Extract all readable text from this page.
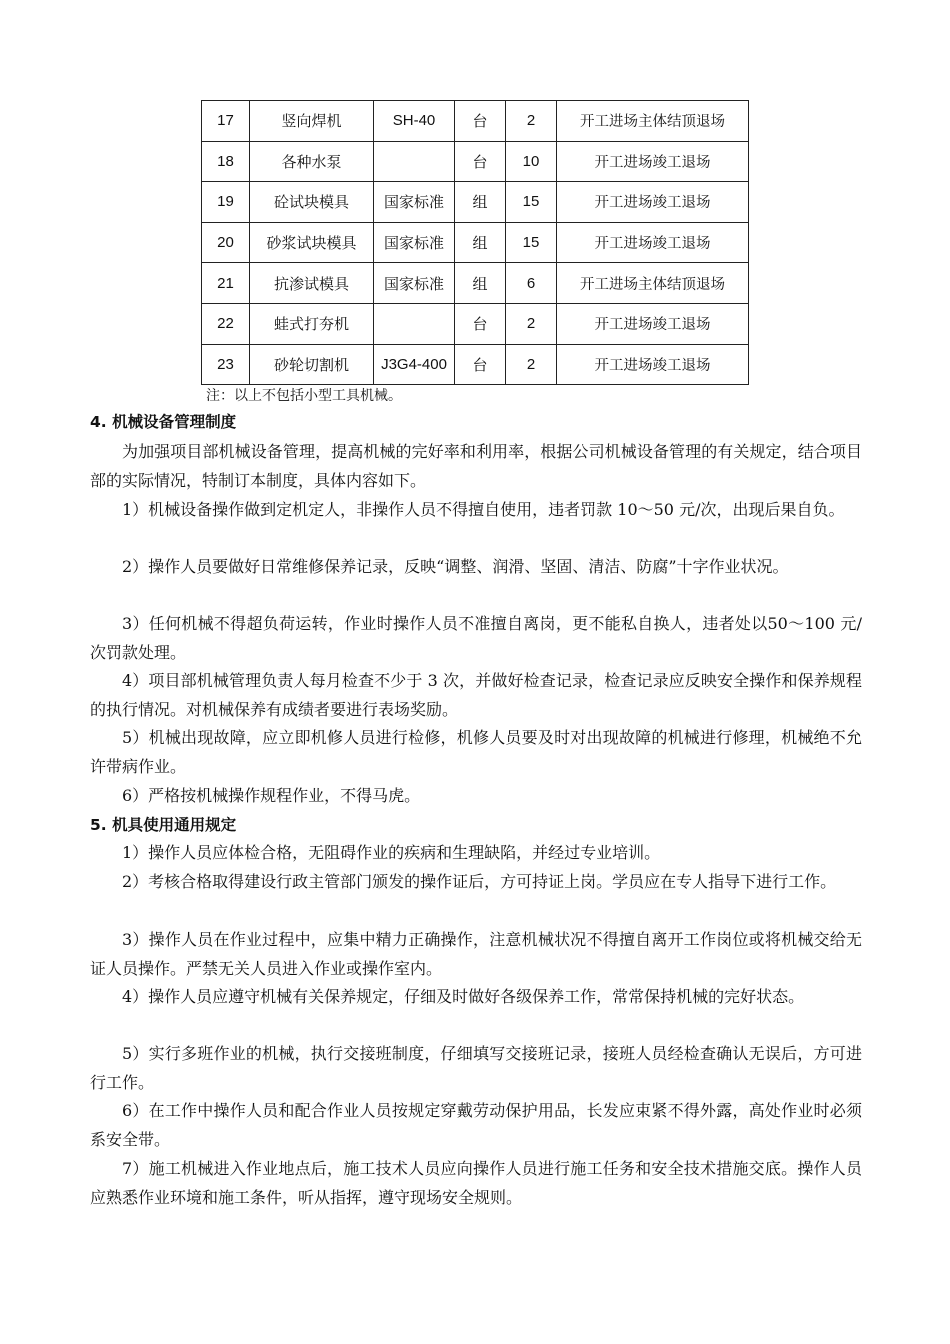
17	竖向焊机	SH-40	台	2	开工进场主体结顶退场
18	各种水泵		台	10	开工进场竣工退场
19	砼试块模具	国家标准	组	15	开工进场竣工退场
20	砂浆试块模具	国家标准	组	15	开工进场竣工退场
21	抗渗试模具	国家标准	组	6	开工进场主体结顶退场
22	蛙式打夯机		台	2	开工进场竣工退场
23	砂轮切割机	J3G4-400	台	2	开工进场竣工退场
注：以上不包括小型工具机械。
4. 机械设备管理制度

为加强项目部机械设备管理，提高机械的完好率和利用率，根据公司机械设备管理的有关规定，结合项目部的实际情况，特制订本制度，具体内容如下。

1）机械设备操作做到定机定人，非操作人员不得擅自使用，违者罚款 10～50 元/次，出现后果自负。

2）操作人员要做好日常维修保养记录，反映“调整、润滑、坚固、清洁、防腐”十字作业状况。

3）任何机械不得超负荷运转，作业时操作人员不准擅自离岗，更不能私自换人，违者处以50～100 元/次罚款处理。

4）项目部机械管理负责人每月检查不少于 3 次，并做好检查记录，检查记录应反映安全操作和保养规程的执行情况。对机械保养有成绩者要进行表场奖励。

5）机械出现故障，应立即机修人员进行检修，机修人员要及时对出现故障的机械进行修理，机械绝不允许带病作业。

6）严格按机械操作规程作业，不得马虎。

5. 机具使用通用规定

1）操作人员应体检合格，无阻碍作业的疾病和生理缺陷，并经过专业培训。

2）考核合格取得建设行政主管部门颁发的操作证后，方可持证上岗。学员应在专人指导下进行工作。

3）操作人员在作业过程中，应集中精力正确操作，注意机械状况不得擅自离开工作岗位或将机械交给无证人员操作。严禁无关人员进入作业或操作室内。

4）操作人员应遵守机械有关保养规定，仔细及时做好各级保养工作，常常保持机械的完好状态。

5）实行多班作业的机械，执行交接班制度，仔细填写交接班记录，接班人员经检查确认无误后，方可进行工作。

6）在工作中操作人员和配合作业人员按规定穿戴劳动保护用品，长发应束紧不得外露，高处作业时必须系安全带。

7）施工机械进入作业地点后，施工技术人员应向操作人员进行施工任务和安全技术措施交底。操作人员应熟悉作业环境和施工条件，听从指挥，遵守现场安全规则。
